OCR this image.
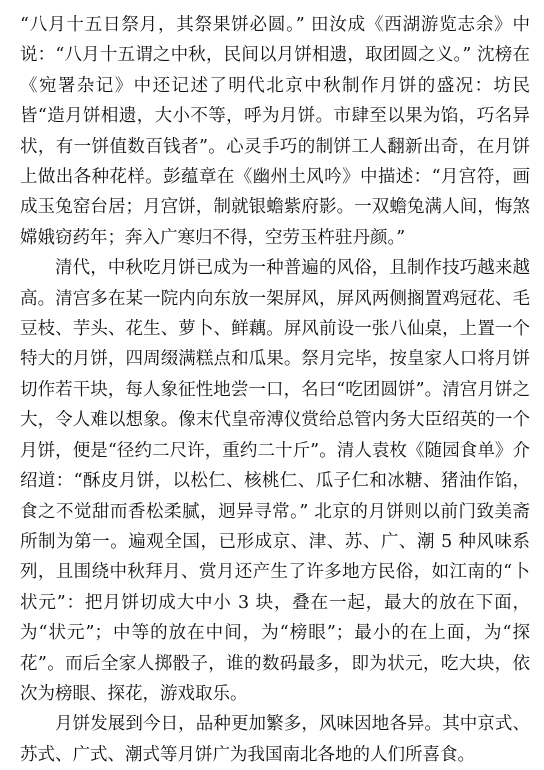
“八月十五日祭月，其祭果饼必圆。” 田汝成《西湖游览志余》中说：“八月十五谓之中秋，民间以月饼相遗，取团圆之义。” 沈榜在《宛署杂记》中还记述了明代北京中秋制作月饼的盛况：坊民皆“造月饼相遗，大小不等，呼为月饼。市肆至以果为馅，巧名异状，有一饼值数百钱者”。心灵手巧的制饼工人翻新出奇，在月饼上做出各种花样。彭蕴章在《幽州土风吟》中描述：“月宫符，画成玉兔窑台居；月宫饼，制就银蟾紫府影。一双蟾兔满人间，悔煞嫦娥窃药年；奔入广寒归不得，空劳玉杵驻丹颜。”

清代，中秋吃月饼已成为一种普遍的风俗，且制作技巧越来越高。清宫多在某一院内向东放一架屏风，屏风两侧搁置鸡冠花、毛豆枝、芋头、花生、萝卜、鲜藕。屏风前设一张八仙桌，上置一个特大的月饼，四周缀满糕点和瓜果。祭月完毕，按皇家人口将月饼切作若干块，每人象征性地尝一口，名曰“吃团圆饼”。清宫月饼之大，令人难以想象。像末代皇帝溥仪赏给总管内务大臣绍英的一个月饼，便是“径约二尺许，重约二十斤”。清人袁枚《随园食单》介绍道：“酥皮月饼，以松仁、核桃仁、瓜子仁和冰糖、猪油作馅，食之不觉甜而香松柔腻，迥异寻常。” 北京的月饼则以前门致美斋所制为第一。遍观全国，已形成京、津、苏、广、潮 5 种风味系列，且围绕中秋拜月、赏月还产生了许多地方民俗，如江南的“卜状元”：把月饼切成大中小 3 块，叠在一起，最大的放在下面，为“状元”；中等的放在中间，为“榜眼”；最小的在上面，为“探花”。而后全家人掷骰子，谁的数码最多，即为状元，吃大块，依次为榜眼、探花，游戏取乐。

月饼发展到今日，品种更加繁多，风味因地各异。其中京式、苏式、广式、潮式等月饼广为我国南北各地的人们所喜食。
